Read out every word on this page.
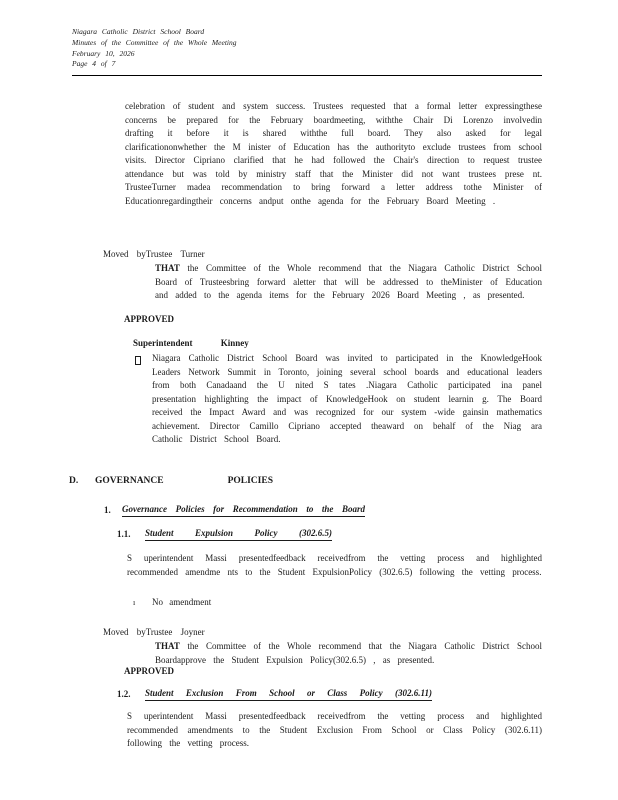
Niagara Catholic District School Board
Minutes of the Committee of the Whole Meeting
February 10, 2026
Page 4 of 7
celebration of student and system success. Trustees requested that a formal letter expressingthese concerns be prepared for the February boardmeeting, withthe Chair Di Lorenzo involvedin drafting it before it is shared withthe full board. They also asked for legal clarificationonwhether the M inister of Education has the authorityto exclude trustees from school visits. Director Cipriano clarified that he had followed the Chair's direction to request trustee attendance but was told by ministry staff that the Minister did not want trustees prese nt. TrusteeTurner madea recommendation to bring forward a letter address tothe Minister of Educationregardingtheir concerns andput onthe agenda for the February Board Meeting .
Moved byTrustee Turner
THAT the Committee of the Whole recommend that the Niagara Catholic District School Board of Trusteesbring forward aletter that will be addressed to theMinister of Education and added to the agenda items for the February 2026 Board Meeting , as presented.
APPROVED
Superintendent Kinney
Niagara Catholic District School Board was invited to participated in the KnowledgeHook Leaders Network Summit in Toronto, joining several school boards and educational leaders from both Canadaand the U nited S tates .Niagara Catholic participated ina panel presentation highlighting the impact of KnowledgeHook on student learnin g. The Board received the Impact Award and was recognized for our system -wide gainsin mathematics achievement. Director Camillo Cipriano accepted theaward on behalf of the Niag ara Catholic District School Board.
D. GOVERNANCE POLICIES
1. Governance Policies for Recommendation to the Board
1.1. Student Expulsion Policy (302.6.5)
S uperintendent Massi presentedfeedback receivedfrom the vetting process and highlighted recommended amendme nts to the Student ExpulsionPolicy (302.6.5) following the vetting process.
ı No amendment
Moved byTrustee Joyner
THAT the Committee of the Whole recommend that the Niagara Catholic District School Boardapprove the Student Expulsion Policy(302.6.5) , as presented.
APPROVED
1.2. Student Exclusion From School or Class Policy (302.6.11)
S uperintendent Massi presentedfeedback receivedfrom the vetting process and highlighted recommended amendments to the Student Exclusion From School or Class Policy (302.6.11) following the vetting process.
